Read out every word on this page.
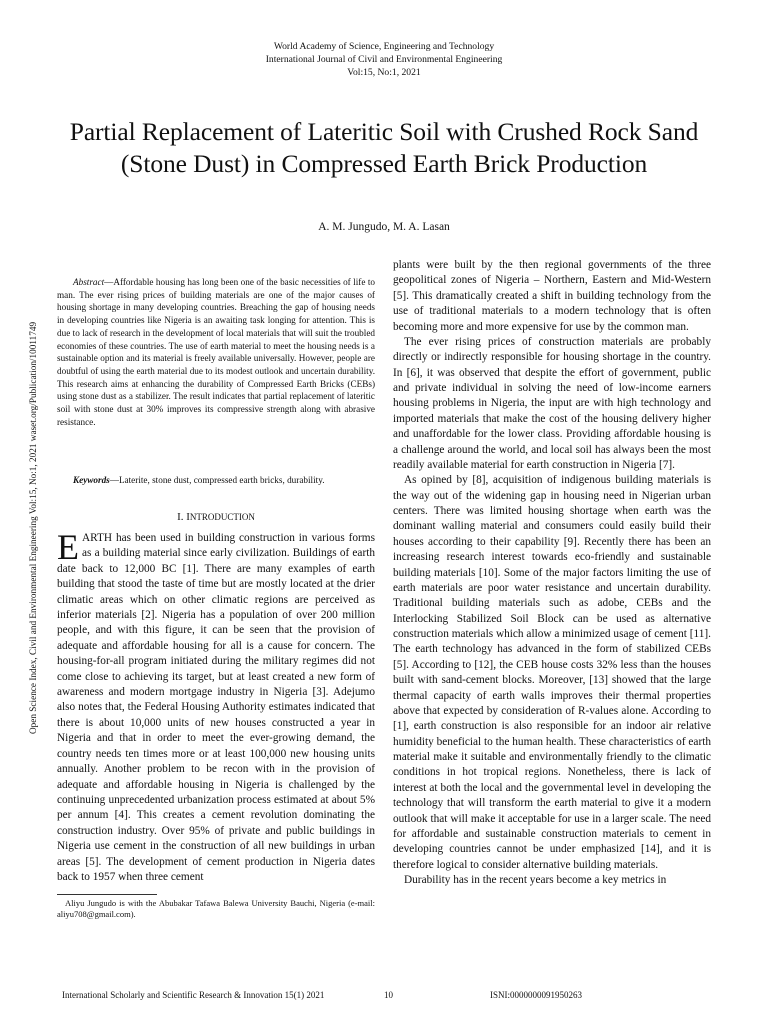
World Academy of Science, Engineering and Technology
International Journal of Civil and Environmental Engineering
Vol:15, No:1, 2021
Partial Replacement of Lateritic Soil with Crushed Rock Sand (Stone Dust) in Compressed Earth Brick Production
A. M. Jungudo, M. A. Lasan
Open Science Index, Civil and Environmental Engineering Vol:15, No:1, 2021 waset.org/Publication/10011749
Abstract—Affordable housing has long been one of the basic necessities of life to man. The ever rising prices of building materials are one of the major causes of housing shortage in many developing countries. Breaching the gap of housing needs in developing countries like Nigeria is an awaiting task longing for attention. This is due to lack of research in the development of local materials that will suit the troubled economies of these countries. The use of earth material to meet the housing needs is a sustainable option and its material is freely available universally. However, people are doubtful of using the earth material due to its modest outlook and uncertain durability. This research aims at enhancing the durability of Compressed Earth Bricks (CEBs) using stone dust as a stabilizer. The result indicates that partial replacement of lateritic soil with stone dust at 30% improves its compressive strength along with abrasive resistance.
Keywords—Laterite, stone dust, compressed earth bricks, durability.
I. INTRODUCTION
EARTH has been used in building construction in various forms as a building material since early civilization. Buildings of earth date back to 12,000 BC [1]. There are many examples of earth building that stood the taste of time but are mostly located at the drier climatic areas which on other climatic regions are perceived as inferior materials [2]. Nigeria has a population of over 200 million people, and with this figure, it can be seen that the provision of adequate and affordable housing for all is a cause for concern. The housing-for-all program initiated during the military regimes did not come close to achieving its target, but at least created a new form of awareness and modern mortgage industry in Nigeria [3]. Adejumo also notes that, the Federal Housing Authority estimates indicated that there is about 10,000 units of new houses constructed a year in Nigeria and that in order to meet the ever-growing demand, the country needs ten times more or at least 100,000 new housing units annually. Another problem to be recon with in the provision of adequate and affordable housing in Nigeria is challenged by the continuing unprecedented urbanization process estimated at about 5% per annum [4]. This creates a cement revolution dominating the construction industry. Over 95% of private and public buildings in Nigeria use cement in the construction of all new buildings in urban areas [5]. The development of cement production in Nigeria dates back to 1957 when three cement
Aliyu Jungudo is with the Abubakar Tafawa Balewa University Bauchi, Nigeria (e-mail: aliyu708@gmail.com).

plants were built by the then regional governments of the three geopolitical zones of Nigeria – Northern, Eastern and Mid-Western [5]. This dramatically created a shift in building technology from the use of traditional materials to a modern technology that is often becoming more and more expensive for use by the common man.

The ever rising prices of construction materials are probably directly or indirectly responsible for housing shortage in the country. In [6], it was observed that despite the effort of government, public and private individual in solving the need of low-income earners housing problems in Nigeria, the input are with high technology and imported materials that make the cost of the housing delivery higher and unaffordable for the lower class. Providing affordable housing is a challenge around the world, and local soil has always been the most readily available material for earth construction in Nigeria [7].

As opined by [8], acquisition of indigenous building materials is the way out of the widening gap in housing need in Nigerian urban centers. There was limited housing shortage when earth was the dominant walling material and consumers could easily build their houses according to their capability [9]. Recently there has been an increasing research interest towards eco-friendly and sustainable building materials [10]. Some of the major factors limiting the use of earth materials are poor water resistance and uncertain durability. Traditional building materials such as adobe, CEBs and the Interlocking Stabilized Soil Block can be used as alternative construction materials which allow a minimized usage of cement [11]. The earth technology has advanced in the form of stabilized CEBs [5]. According to [12], the CEB house costs 32% less than the houses built with sand-cement blocks. Moreover, [13] showed that the large thermal capacity of earth walls improves their thermal properties above that expected by consideration of R-values alone. According to [1], earth construction is also responsible for an indoor air relative humidity beneficial to the human health. These characteristics of earth material make it suitable and environmentally friendly to the climatic conditions in hot tropical regions. Nonetheless, there is lack of interest at both the local and the governmental level in developing the technology that will transform the earth material to give it a modern outlook that will make it acceptable for use in a larger scale. The need for affordable and sustainable construction materials to cement in developing countries cannot be under emphasized [14], and it is therefore logical to consider alternative building materials.

Durability has in the recent years become a key metrics in

International Scholarly and Scientific Research & Innovation 15(1) 2021	10	ISNI:0000000091950263
